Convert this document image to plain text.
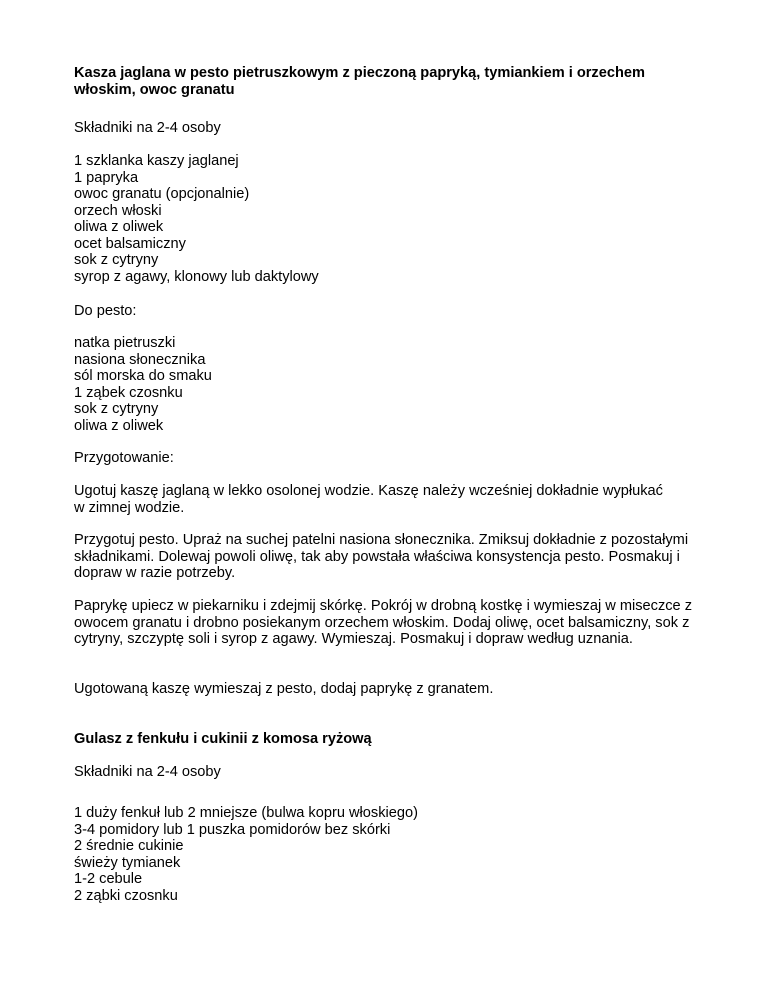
Kasza jaglana w pesto pietruszkowym z pieczoną papryką, tymiankiem i orzechem włoskim, owoc granatu

Składniki na 2-4 osoby

1 szklanka kaszy jaglanej
1 papryka
owoc granatu (opcjonalnie)
orzech włoski
oliwa z oliwek
ocet balsamiczny
sok z cytryny
syrop z agawy, klonowy lub daktylowy

Do pesto:

natka pietruszki
nasiona słonecznika
sól morska do smaku
1 ząbek czosnku
sok z cytryny
oliwa z oliwek

Przygotowanie:

Ugotuj kaszę jaglaną w lekko osolonej wodzie. Kaszę należy wcześniej dokładnie wypłukać w zimnej wodzie.

Przygotuj pesto. Upraż na suchej patelni nasiona słonecznika. Zmiksuj dokładnie z pozostałymi składnikami. Dolewaj powoli oliwę, tak aby powstała właściwa konsystencja pesto. Posmakuj i dopraw w razie potrzeby.

Paprykę upiecz w piekarniku i zdejmij skórkę. Pokrój w drobną kostkę i wymieszaj w miseczce z owocem granatu i drobno posiekanym orzechem włoskim. Dodaj oliwę, ocet balsamiczny, sok z cytryny, szczyptę soli i syrop z agawy. Wymieszaj. Posmakuj i dopraw według uznania.

Ugotowaną kaszę wymieszaj z pesto, dodaj paprykę z granatem.

Gulasz z fenkułu i cukinii z komosa ryżową

Składniki na 2-4 osoby

1 duży fenkuł lub 2 mniejsze (bulwa kopru włoskiego)
3-4 pomidory lub 1 puszka pomidorów bez skórki
2 średnie cukinie
świeży tymianek
1-2 cebule
2 ząbki czosnku
